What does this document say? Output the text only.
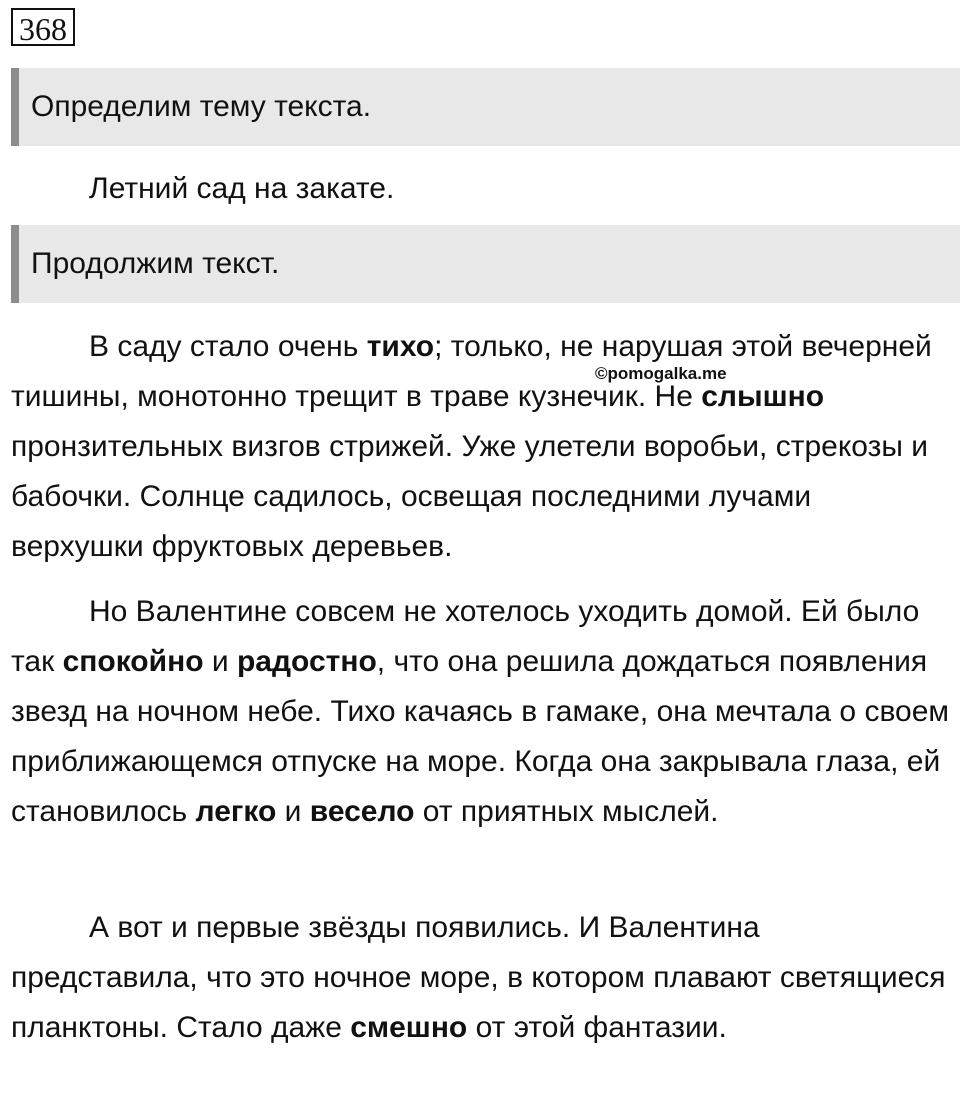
368
Определим тему текста.

Летний сад на закате.

Продолжим текст.

В саду стало очень тихо; только, не нарушая этой вечерней тишины, монотонно трещит в траве кузнечик. Не слышно пронзительных визгов стрижей. Уже улетели воробьи, стрекозы и бабочки. Солнце садилось, освещая последними лучами верхушки фруктовых деревьев.

©pomogalka.me

Но Валентине совсем не хотелось уходить домой. Ей было так спокойно и радостно, что она решила дождаться появления звезд на ночном небе. Тихо качаясь в гамаке, она мечтала о своем приближающемся отпуске на море. Когда она закрывала глаза, ей становилось легко и весело от приятных мыслей.

А вот и первые звёзды появились. И Валентина представила, что это ночное море, в котором плавают светящиеся планктоны. Стало даже смешно от этой фантазии.
